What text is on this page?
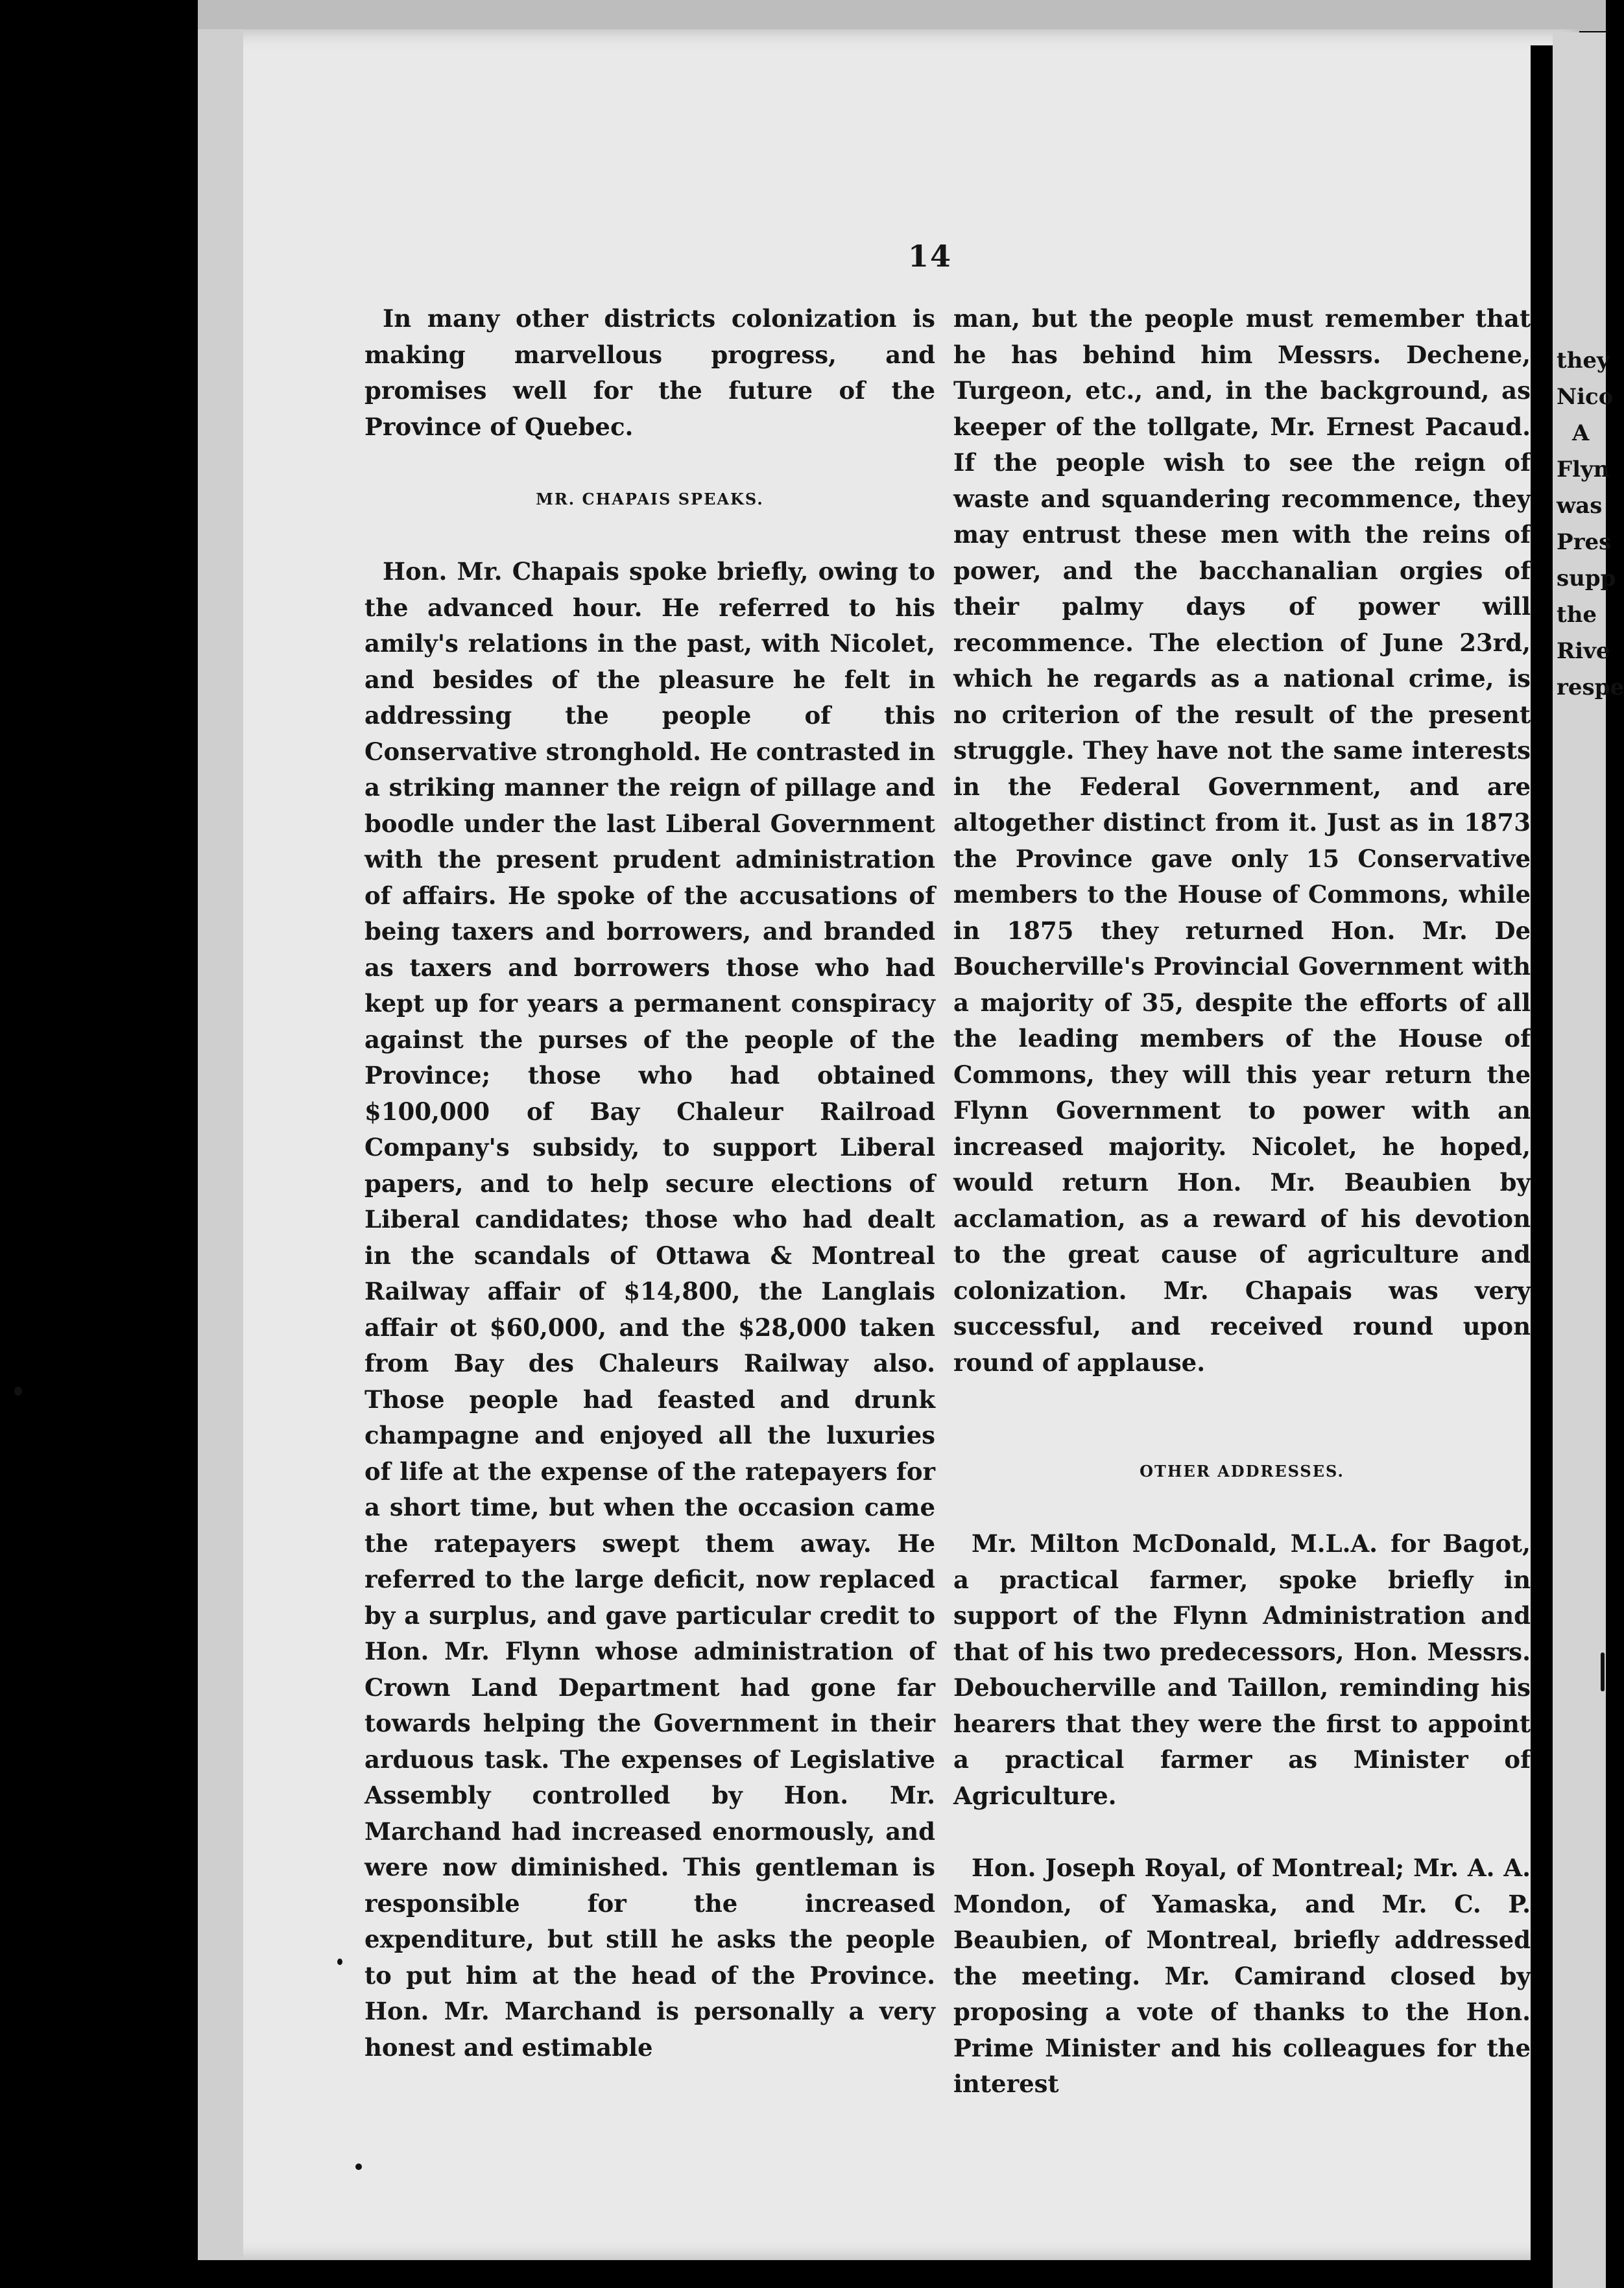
they
Nico
A
Flyn
was
Pres
supp
the
Rive
respe
14

In many other districts colonization is making marvellous progress, and promises well for the future of the Province of Quebec.

MR. CHAPAIS SPEAKS.

Hon. Mr. Chapais spoke briefly, owing to the advanced hour. He referred to his amily's relations in the past, with Nicolet, and besides of the pleasure he felt in addressing the people of this Conservative stronghold. He contrasted in a striking manner the reign of pillage and boodle under the last Liberal Government with the present prudent administration of affairs. He spoke of the accusations of being taxers and borrowers, and branded as taxers and borrowers those who had kept up for years a permanent conspiracy against the purses of the people of the Province; those who had obtained $100,000 of Bay Chaleur Railroad Company's subsidy, to support Liberal papers, and to help secure elections of Liberal candidates; those who had dealt in the scandals of Ottawa & Montreal Railway affair of $14,800, the Langlais affair ot $60,000, and the $28,000 taken from Bay des Chaleurs Railway also. Those people had feasted and drunk champagne and enjoyed all the luxuries of life at the expense of the ratepayers for a short time, but when the occasion came the ratepayers swept them away. He referred to the large deficit, now replaced by a surplus, and gave particular credit to Hon. Mr. Flynn whose administration of Crown Land Department had gone far towards helping the Government in their arduous task. The expenses of Legislative Assembly controlled by Hon. Mr. Marchand had increased enormously, and were now diminished. This gentleman is responsible for the increased expenditure, but still he asks the people to put him at the head of the Province. Hon. Mr. Marchand is personally a very honest and estimable

man, but the people must remember that he has behind him Messrs. Dechene, Turgeon, etc., and, in the background, as keeper of the tollgate, Mr. Ernest Pacaud. If the people wish to see the reign of waste and squandering recommence, they may entrust these men with the reins of power, and the bacchanalian orgies of their palmy days of power will recommence. The election of June 23rd, which he regards as a national crime, is no criterion of the result of the present struggle. They have not the same interests in the Federal Government, and are altogether distinct from it. Just as in 1873 the Province gave only 15 Conservative members to the House of Commons, while in 1875 they returned Hon. Mr. De Boucherville's Provincial Government with a majority of 35, despite the efforts of all the leading members of the House of Commons, they will this year return the Flynn Government to power with an increased majority. Nicolet, he hoped, would return Hon. Mr. Beaubien by acclamation, as a reward of his devotion to the great cause of agriculture and colonization. Mr. Chapais was very successful, and received round upon round of applause.

OTHER ADDRESSES.

Mr. Milton McDonald, M.L.A. for Bagot, a practical farmer, spoke briefly in support of the Flynn Administration and that of his two predecessors, Hon. Messrs. Deboucherville and Taillon, reminding his hearers that they were the first to appoint a practical farmer as Minister of Agriculture.

Hon. Joseph Royal, of Montreal; Mr. A. A. Mondon, of Yamaska, and Mr. C. P. Beaubien, of Montreal, briefly addressed the meeting. Mr. Camirand closed by proposing a vote of thanks to the Hon. Prime Minister and his colleagues for the interest
